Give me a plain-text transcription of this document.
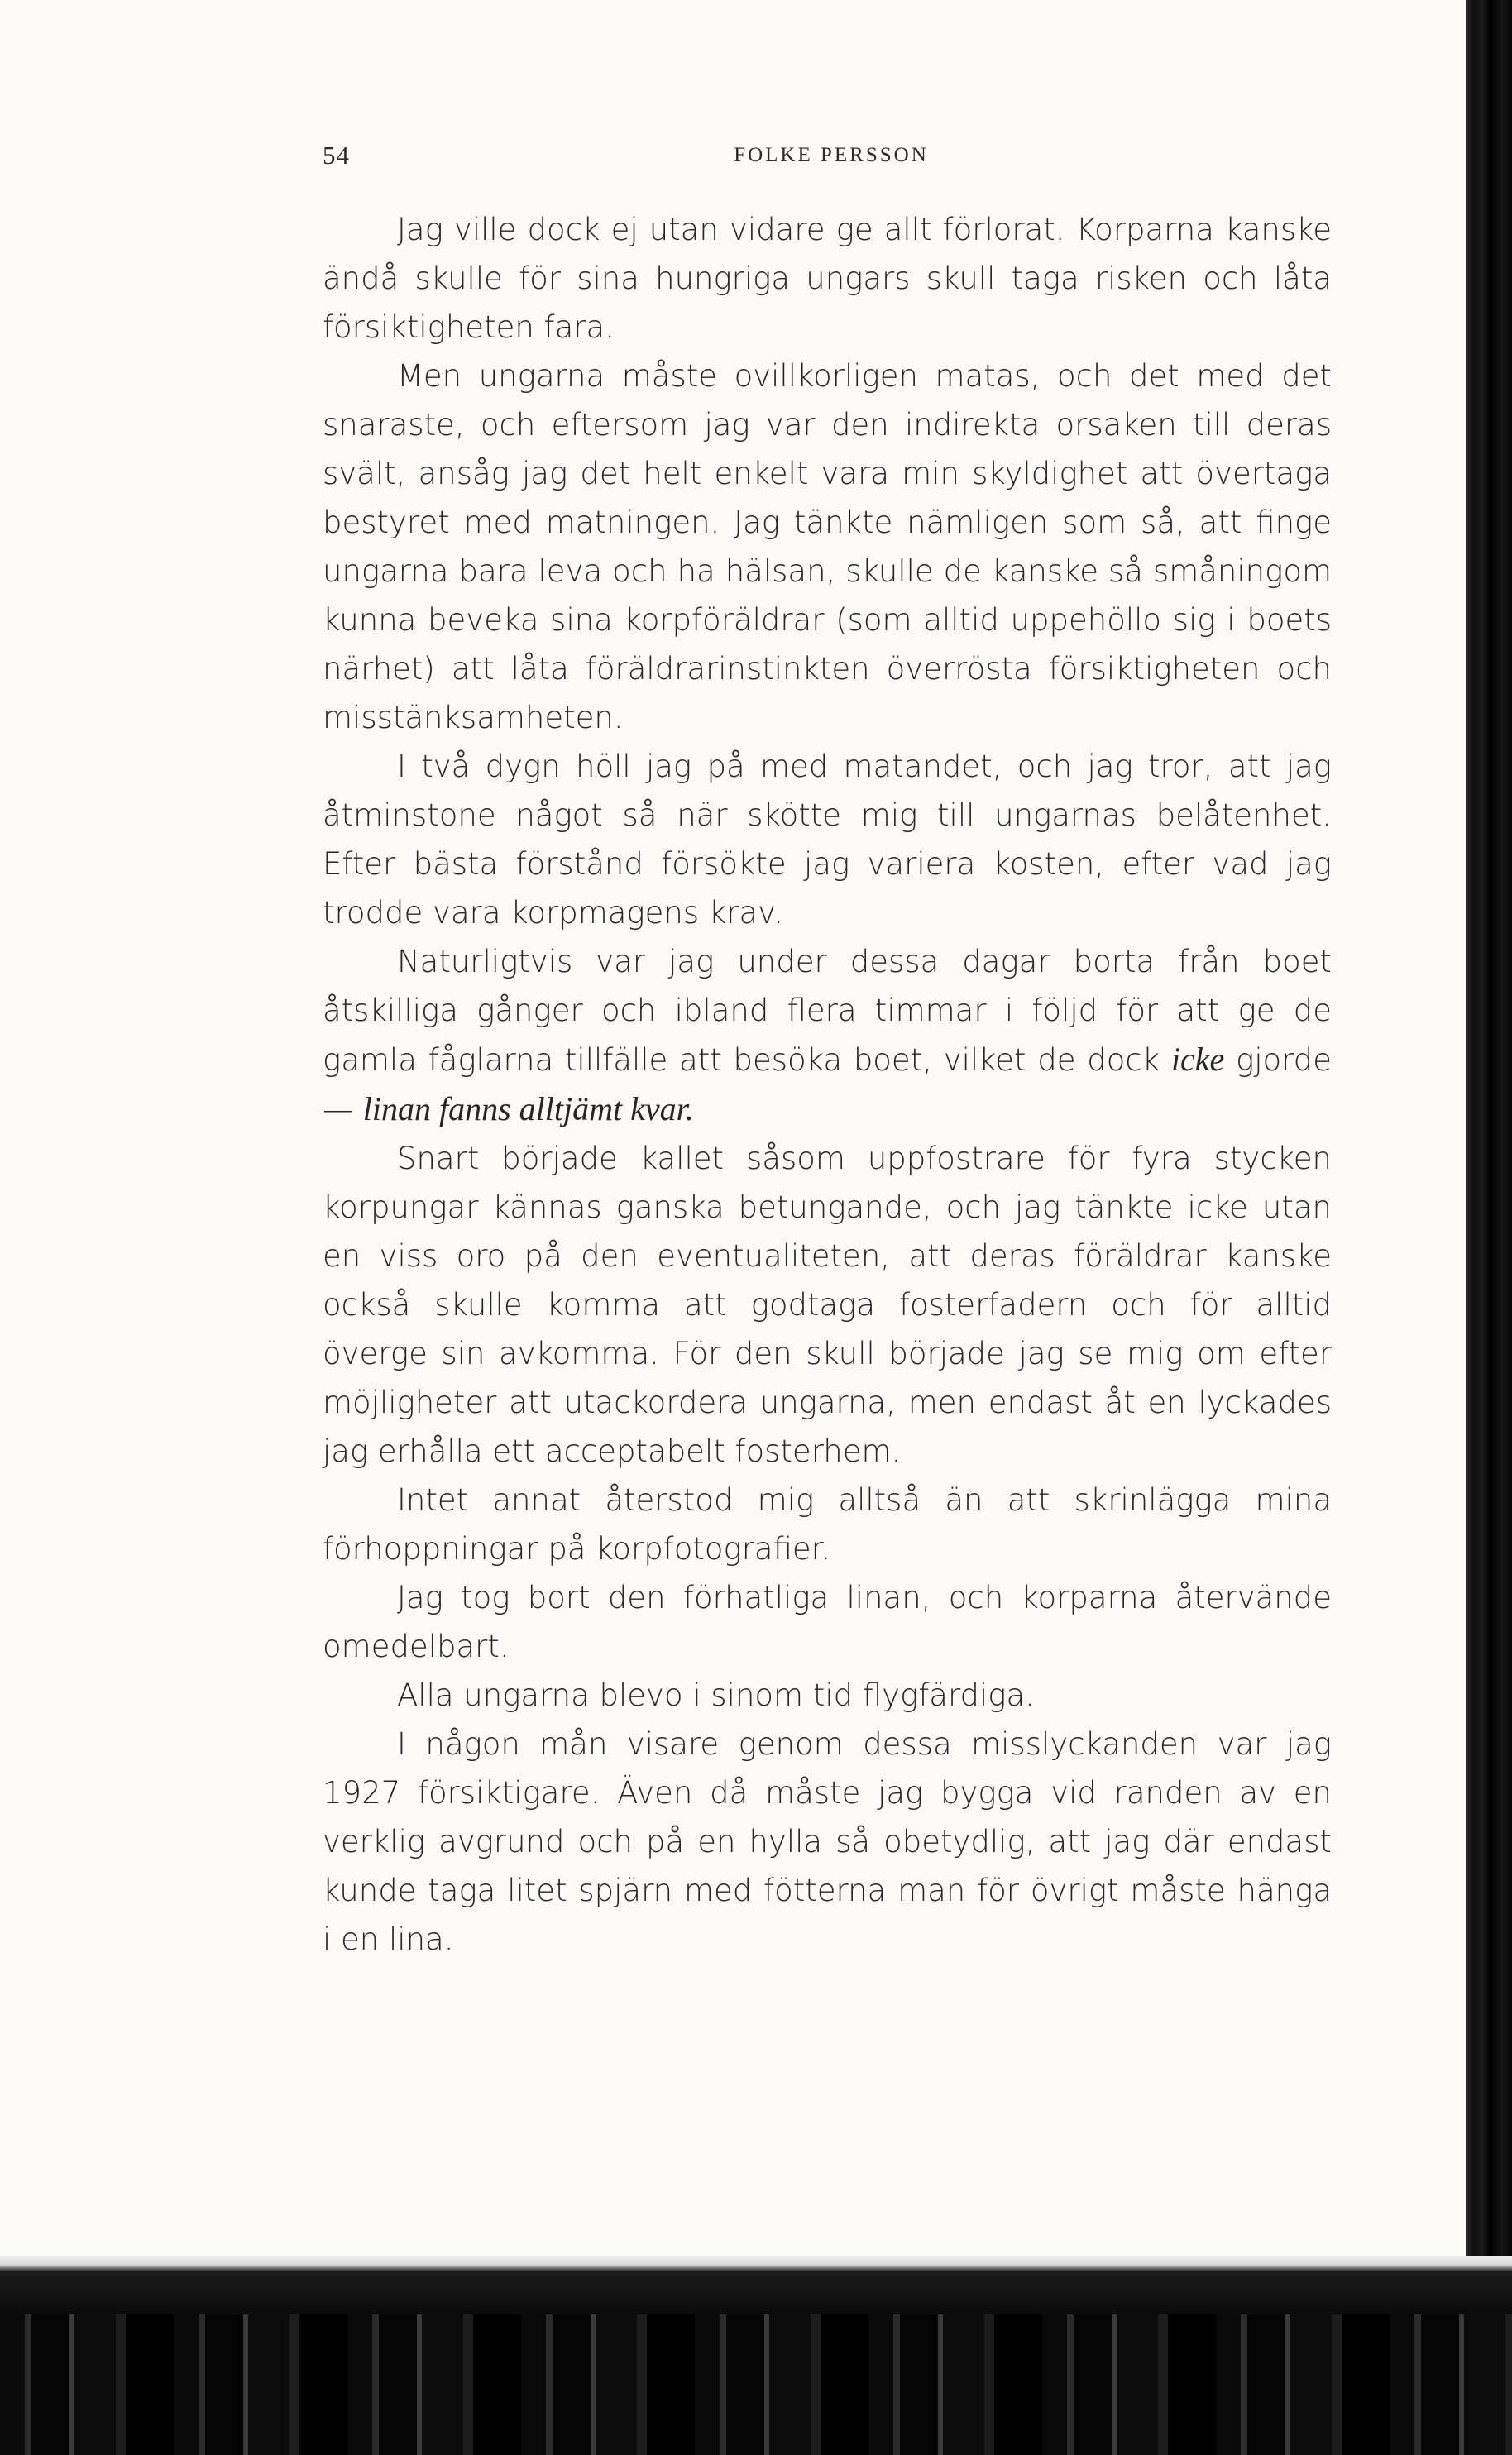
54	FOLKE PERSSON

Jag ville dock ej utan vidare ge allt förlorat. Korparna kanske ändå skulle för sina hungriga ungars skull taga risken och låta försiktigheten fara.

Men ungarna måste ovillkorligen matas, och det med det snaraste, och eftersom jag var den indirekta orsaken till deras svält, ansåg jag det helt enkelt vara min skyldighet att övertaga bestyret med matningen. Jag tänkte nämligen som så, att finge ungarna bara leva och ha hälsan, skulle de kanske så småningom kunna beveka sina korpföräldrar (som alltid uppehöllo sig i boets närhet) att låta föräldrarinstinkten överrösta försiktigheten och misstänksamheten.

I två dygn höll jag på med matandet, och jag tror, att jag åtminstone något så när skötte mig till ungarnas belåtenhet. Efter bästa förstånd försökte jag variera kosten, efter vad jag trodde vara korpmagens krav.

Naturligtvis var jag under dessa dagar borta från boet åtskilliga gånger och ibland flera timmar i följd för att ge de gamla fåglarna tillfälle att besöka boet, vilket de dock icke gjorde — linan fanns alltjämt kvar.

Snart började kallet såsom uppfostrare för fyra stycken korpungar kännas ganska betungande, och jag tänkte icke utan en viss oro på den eventualiteten, att deras föräldrar kanske också skulle komma att godtaga fosterfadern och för alltid överge sin avkomma. För den skull började jag se mig om efter möjligheter att utackordera ungarna, men endast åt en lyckades jag erhålla ett acceptabelt fosterhem.

Intet annat återstod mig alltså än att skrinlägga mina förhoppningar på korpfotografier.

Jag tog bort den förhatliga linan, och korparna återvände omedelbart.

Alla ungarna blevo i sinom tid flygfärdiga.

I någon mån visare genom dessa misslyckanden var jag 1927 försiktigare. Även då måste jag bygga vid randen av en verklig avgrund och på en hylla så obetydlig, att jag där endast kunde taga litet spjärn med fötterna man för övrigt måste hänga i en lina.
